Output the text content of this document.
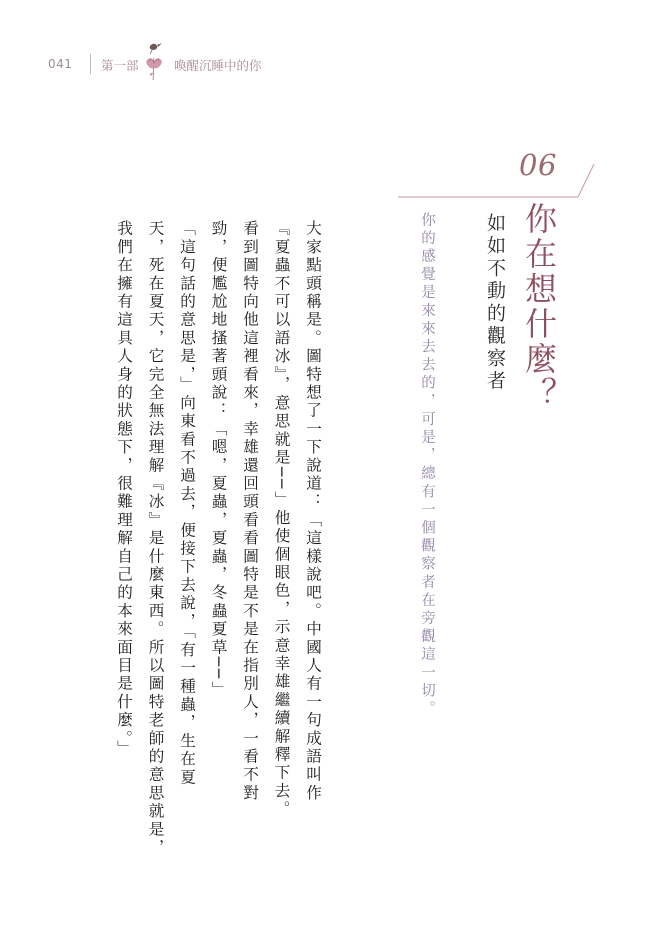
041 第一部	喚醒沉睡中的你
06
你在想什麼？
如如不動的觀察者
你的感覺是來來去去的，可是，總有一個觀察者在旁觀這一切。

大家點頭稱是。圖特想了一下說道：「這樣說吧。中國人有一句成語叫作

『夏蟲不可以語冰』，意思就是──」他使個眼色，示意幸雄繼續解釋下去。

看到圖特向他這裡看來，幸雄還回頭看看圖特是不是在指別人，一看不對

勁，便尷尬地搔著頭說：「嗯，夏蟲，夏蟲，冬蟲夏草──」

「這句話的意思是，」向東看不過去，便接下去說，「有一種蟲，生在夏

天，死在夏天，它完全無法理解『冰』是什麼東西。所以圖特老師的意思就是，

我們在擁有這具人身的狀態下，很難理解自己的本來面目是什麼。」
